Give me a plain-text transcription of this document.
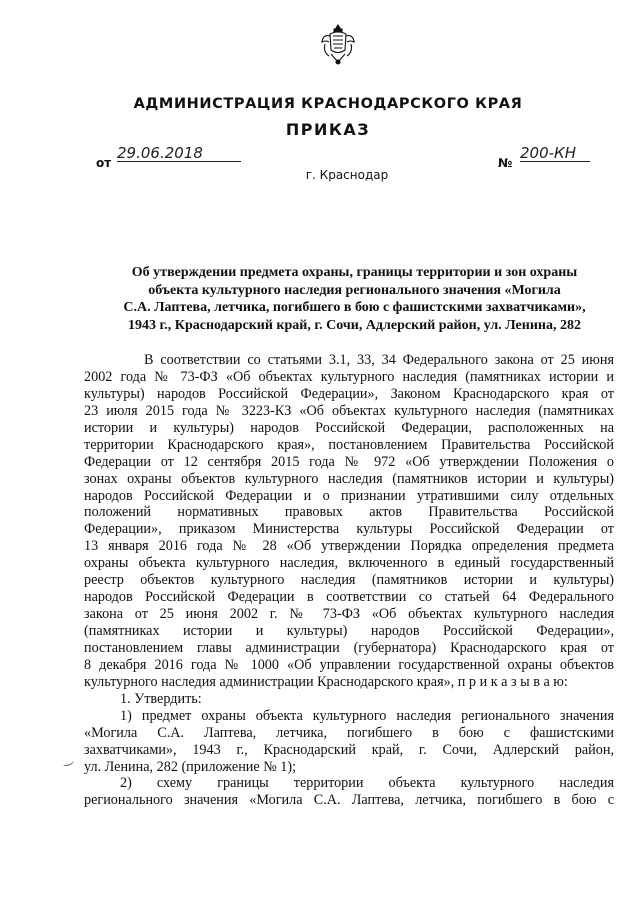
АДМИНИСТРАЦИЯ КРАСНОДАРСКОГО КРАЯ
ПРИКАЗ
от
29.06.2018
№
200-КН
г. Краснодар
Об утверждении предмета охраны, границы территории и зон охраны
объекта культурного наследия регионального значения «Могила
С.А. Лаптева, летчика, погибшего в бою с фашистскими захватчиками»,
1943 г., Краснодарский край, г. Сочи, Адлерский район, ул. Ленина, 282
‿
В соответствии со статьями 3.1, 33, 34 Федерального закона от 25 июня
2002 года № 73-ФЗ «Об объектах культурного наследия (памятниках истории и
культуры) народов Российской Федерации», Законом Краснодарского края от
23 июля 2015 года № 3223-КЗ «Об объектах культурного наследия (памятниках
истории и культуры) народов Российской Федерации, расположенных на
территории Краснодарского края», постановлением Правительства Российской
Федерации от 12 сентября 2015 года № 972 «Об утверждении Положения о
зонах охраны объектов культурного наследия (памятников истории и культуры)
народов Российской Федерации и о признании утратившими силу отдельных
положений нормативных правовых актов Правительства Российской
Федерации», приказом Министерства культуры Российской Федерации от
13 января 2016 года № 28 «Об утверждении Порядка определения предмета
охраны объекта культурного наследия, включенного в единый государственный
реестр объектов культурного наследия (памятников истории и культуры)
народов Российской Федерации в соответствии со статьей 64 Федерального
закона от 25 июня 2002 г. № 73-ФЗ «Об объектах культурного наследия
(памятниках истории и культуры) народов Российской Федерации»,
постановлением главы администрации (губернатора) Краснодарского края от
8 декабря 2016 года № 1000 «Об управлении государственной охраны объектов
культурного наследия администрации Краснодарского края», п р и к а з ы в а ю:
1. Утвердить:
1) предмет охраны объекта культурного наследия регионального значения
«Могила С.А. Лаптева, летчика, погибшего в бою с фашистскими
захватчиками», 1943 г., Краснодарский край, г. Сочи, Адлерский район,
ул. Ленина, 282 (приложение № 1);
2) схему границы территории объекта культурного наследия
регионального значения «Могила С.А. Лаптева, летчика, погибшего в бою с
